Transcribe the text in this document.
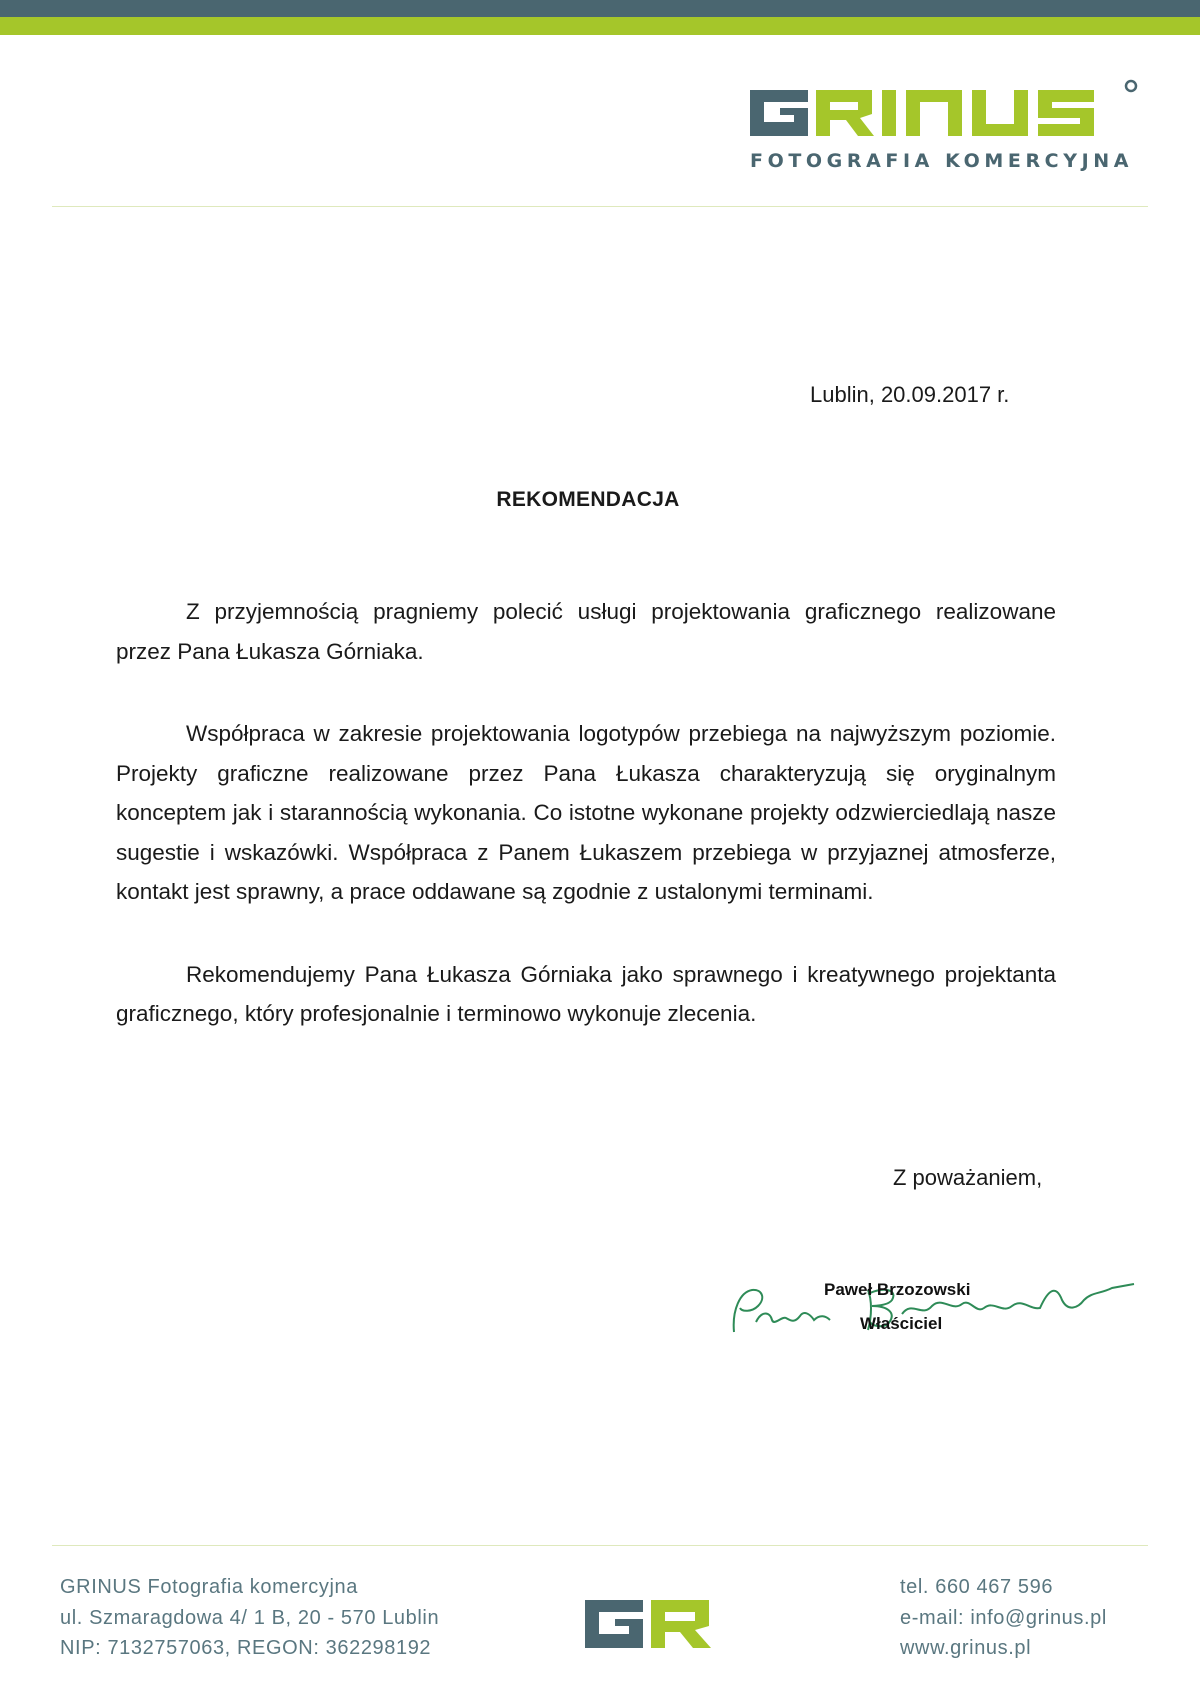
FOTOGRAFIA KOMERCYJNA
Lublin, 20.09.2017 r.
REKOMENDACJA

Z przyjemnością pragniemy polecić usługi projektowania graficznego realizowane przez Pana Łukasza Górniaka.

Współpraca w zakresie projektowania logotypów przebiega na najwyższym poziomie. Projekty graficzne realizowane przez Pana Łukasza charakteryzują się oryginalnym konceptem jak i starannością wykonania. Co istotne wykonane projekty odzwierciedlają nasze sugestie i wskazówki. Współpraca z Panem Łukaszem przebiega w przyjaznej atmosferze, kontakt jest sprawny, a prace oddawane są zgodnie z ustalonymi terminami.

Rekomendujemy Pana Łukasza Górniaka jako sprawnego i kreatywnego projektanta graficznego, który profesjonalnie i terminowo wykonuje zlecenia.

Z poważaniem,
Paweł Brzozowski
Właściciel
GRINUS Fotografia komercyjna
ul. Szmaragdowa 4/ 1 B, 20 - 570 Lublin
NIP: 7132757063, REGON: 362298192
tel. 660 467 596
e-mail: info@grinus.pl
www.grinus.pl
